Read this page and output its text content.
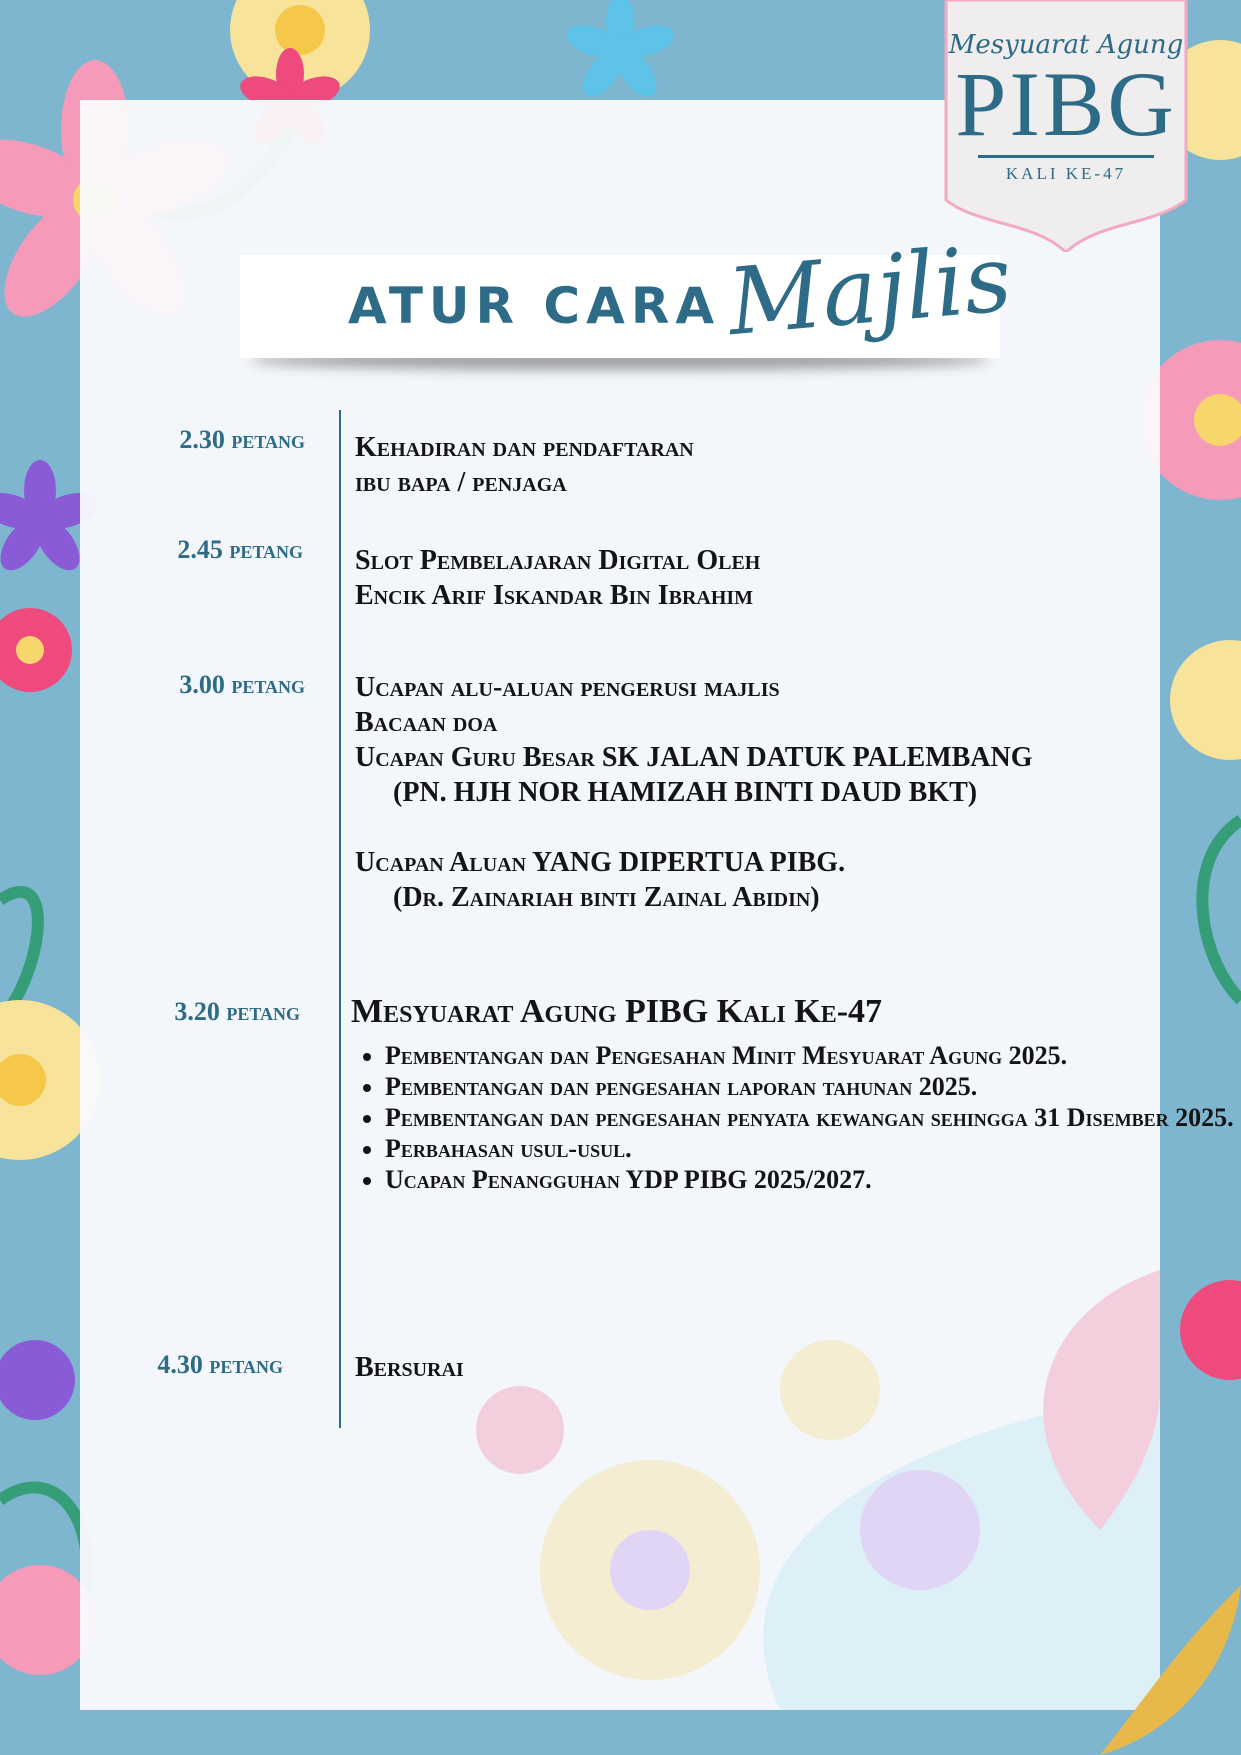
Mesyuarat Agung
PIBG
KALI KE-47
ATUR CARA Majlis
2.30 petang Kehadiran dan pendaftaran
ibu bapa / penjaga
2.45 petang Slot Pembelajaran Digital Oleh
Encik Arif Iskandar Bin Ibrahim
3.00 petang Ucapan alu-aluan pengerusi majlis
Bacaan doa
Ucapan Guru Besar SK JALAN DATUK PALEMBANG
(PN. HJH NOR HAMIZAH BINTI DAUD BKT)
Ucapan Aluan YANG DIPERTUA PIBG.
(Dr. Zainariah binti Zainal Abidin)
3.20 petang Mesyuarat Agung PIBG Kali Ke-47
• Pembentangan dan Pengesahan Minit Mesyuarat Agung 2025.
• Pembentangan dan pengesahan laporan tahunan 2025.
• Pembentangan dan pengesahan penyata kewangan sehingga 31 Disember 2025.
• Perbahasan usul-usul.
• Ucapan Penangguhan YDP PIBG 2025/2027.
4.30 petang	Bersurai
